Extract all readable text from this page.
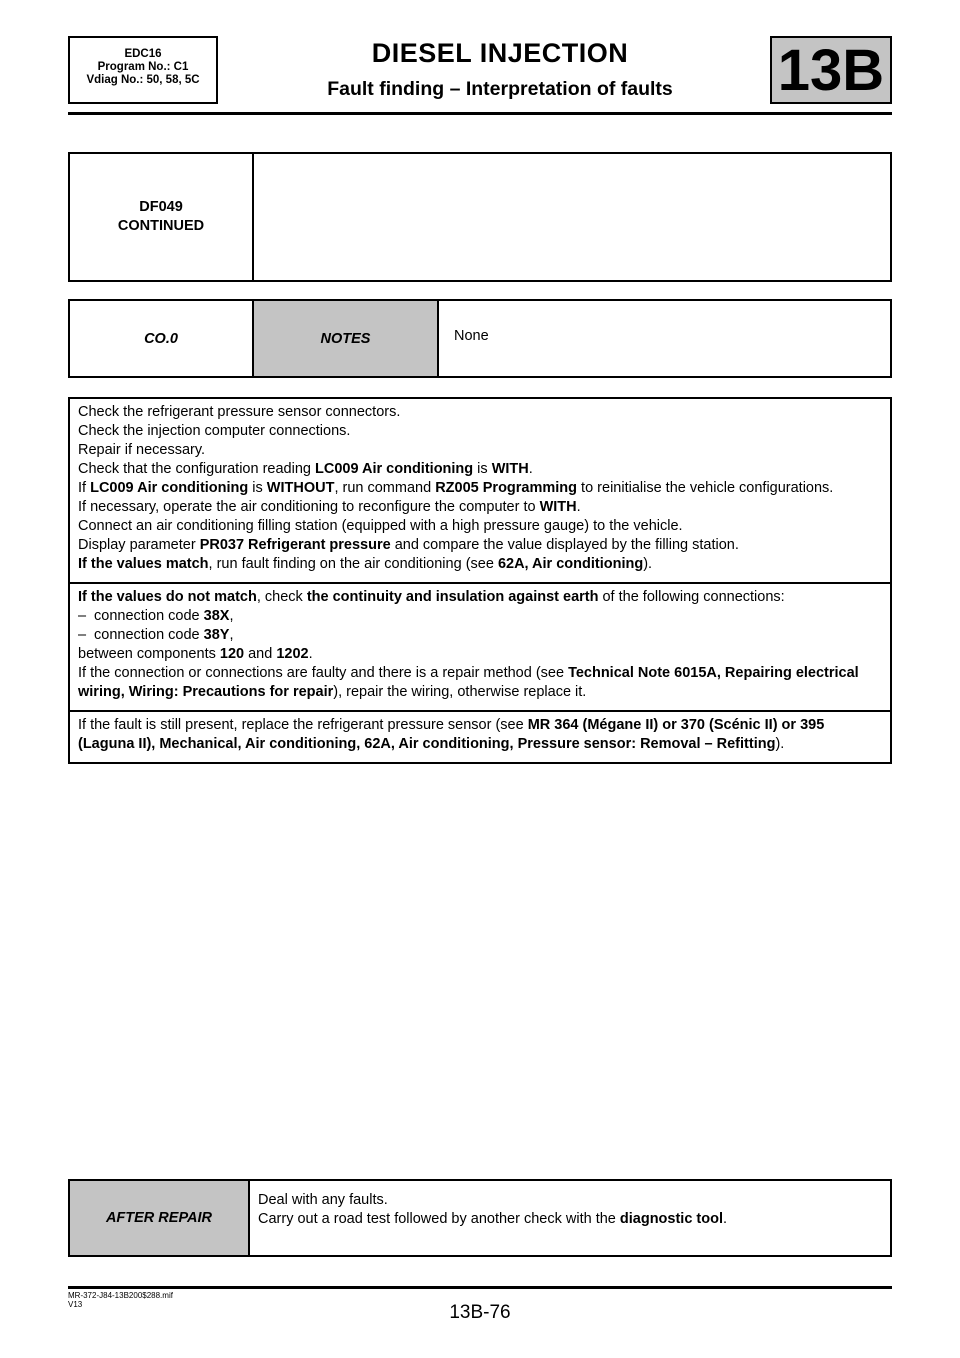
EDC16
Program No.: C1
Vdiag No.: 50, 58, 5C
DIESEL INJECTION
Fault finding – Interpretation of faults	13B
DF049
CONTINUED

CO.0	NOTES	None

Check the refrigerant pressure sensor connectors.

Check the injection computer connections.

Repair if necessary.

Check that the configuration reading LC009 Air conditioning is WITH.

If LC009 Air conditioning is WITHOUT, run command RZ005 Programming to reinitialise the vehicle configurations.

If necessary, operate the air conditioning to reconfigure the computer to WITH.

Connect an air conditioning filling station (equipped with a high pressure gauge) to the vehicle.

Display parameter PR037 Refrigerant pressure and compare the value displayed by the filling station.

If the values match, run fault finding on the air conditioning (see 62A, Air conditioning).

If the values do not match, check the continuity and insulation against earth of the following connections:

– connection code 38X,

– connection code 38Y,

between components 120 and 1202.

If the connection or connections are faulty and there is a repair method (see Technical Note 6015A, Repairing electrical wiring, Wiring: Precautions for repair), repair the wiring, otherwise replace it.

If the fault is still present, replace the refrigerant pressure sensor (see MR 364 (Mégane II) or 370 (Scénic II) or 395 (Laguna II), Mechanical, Air conditioning, 62A, Air conditioning, Pressure sensor: Removal – Refitting).

AFTER REPAIR	

Deal with any faults.

Carry out a road test followed by another check with the diagnostic tool.

MR-372-J84-13B200$288.mif
V13	13B-76
